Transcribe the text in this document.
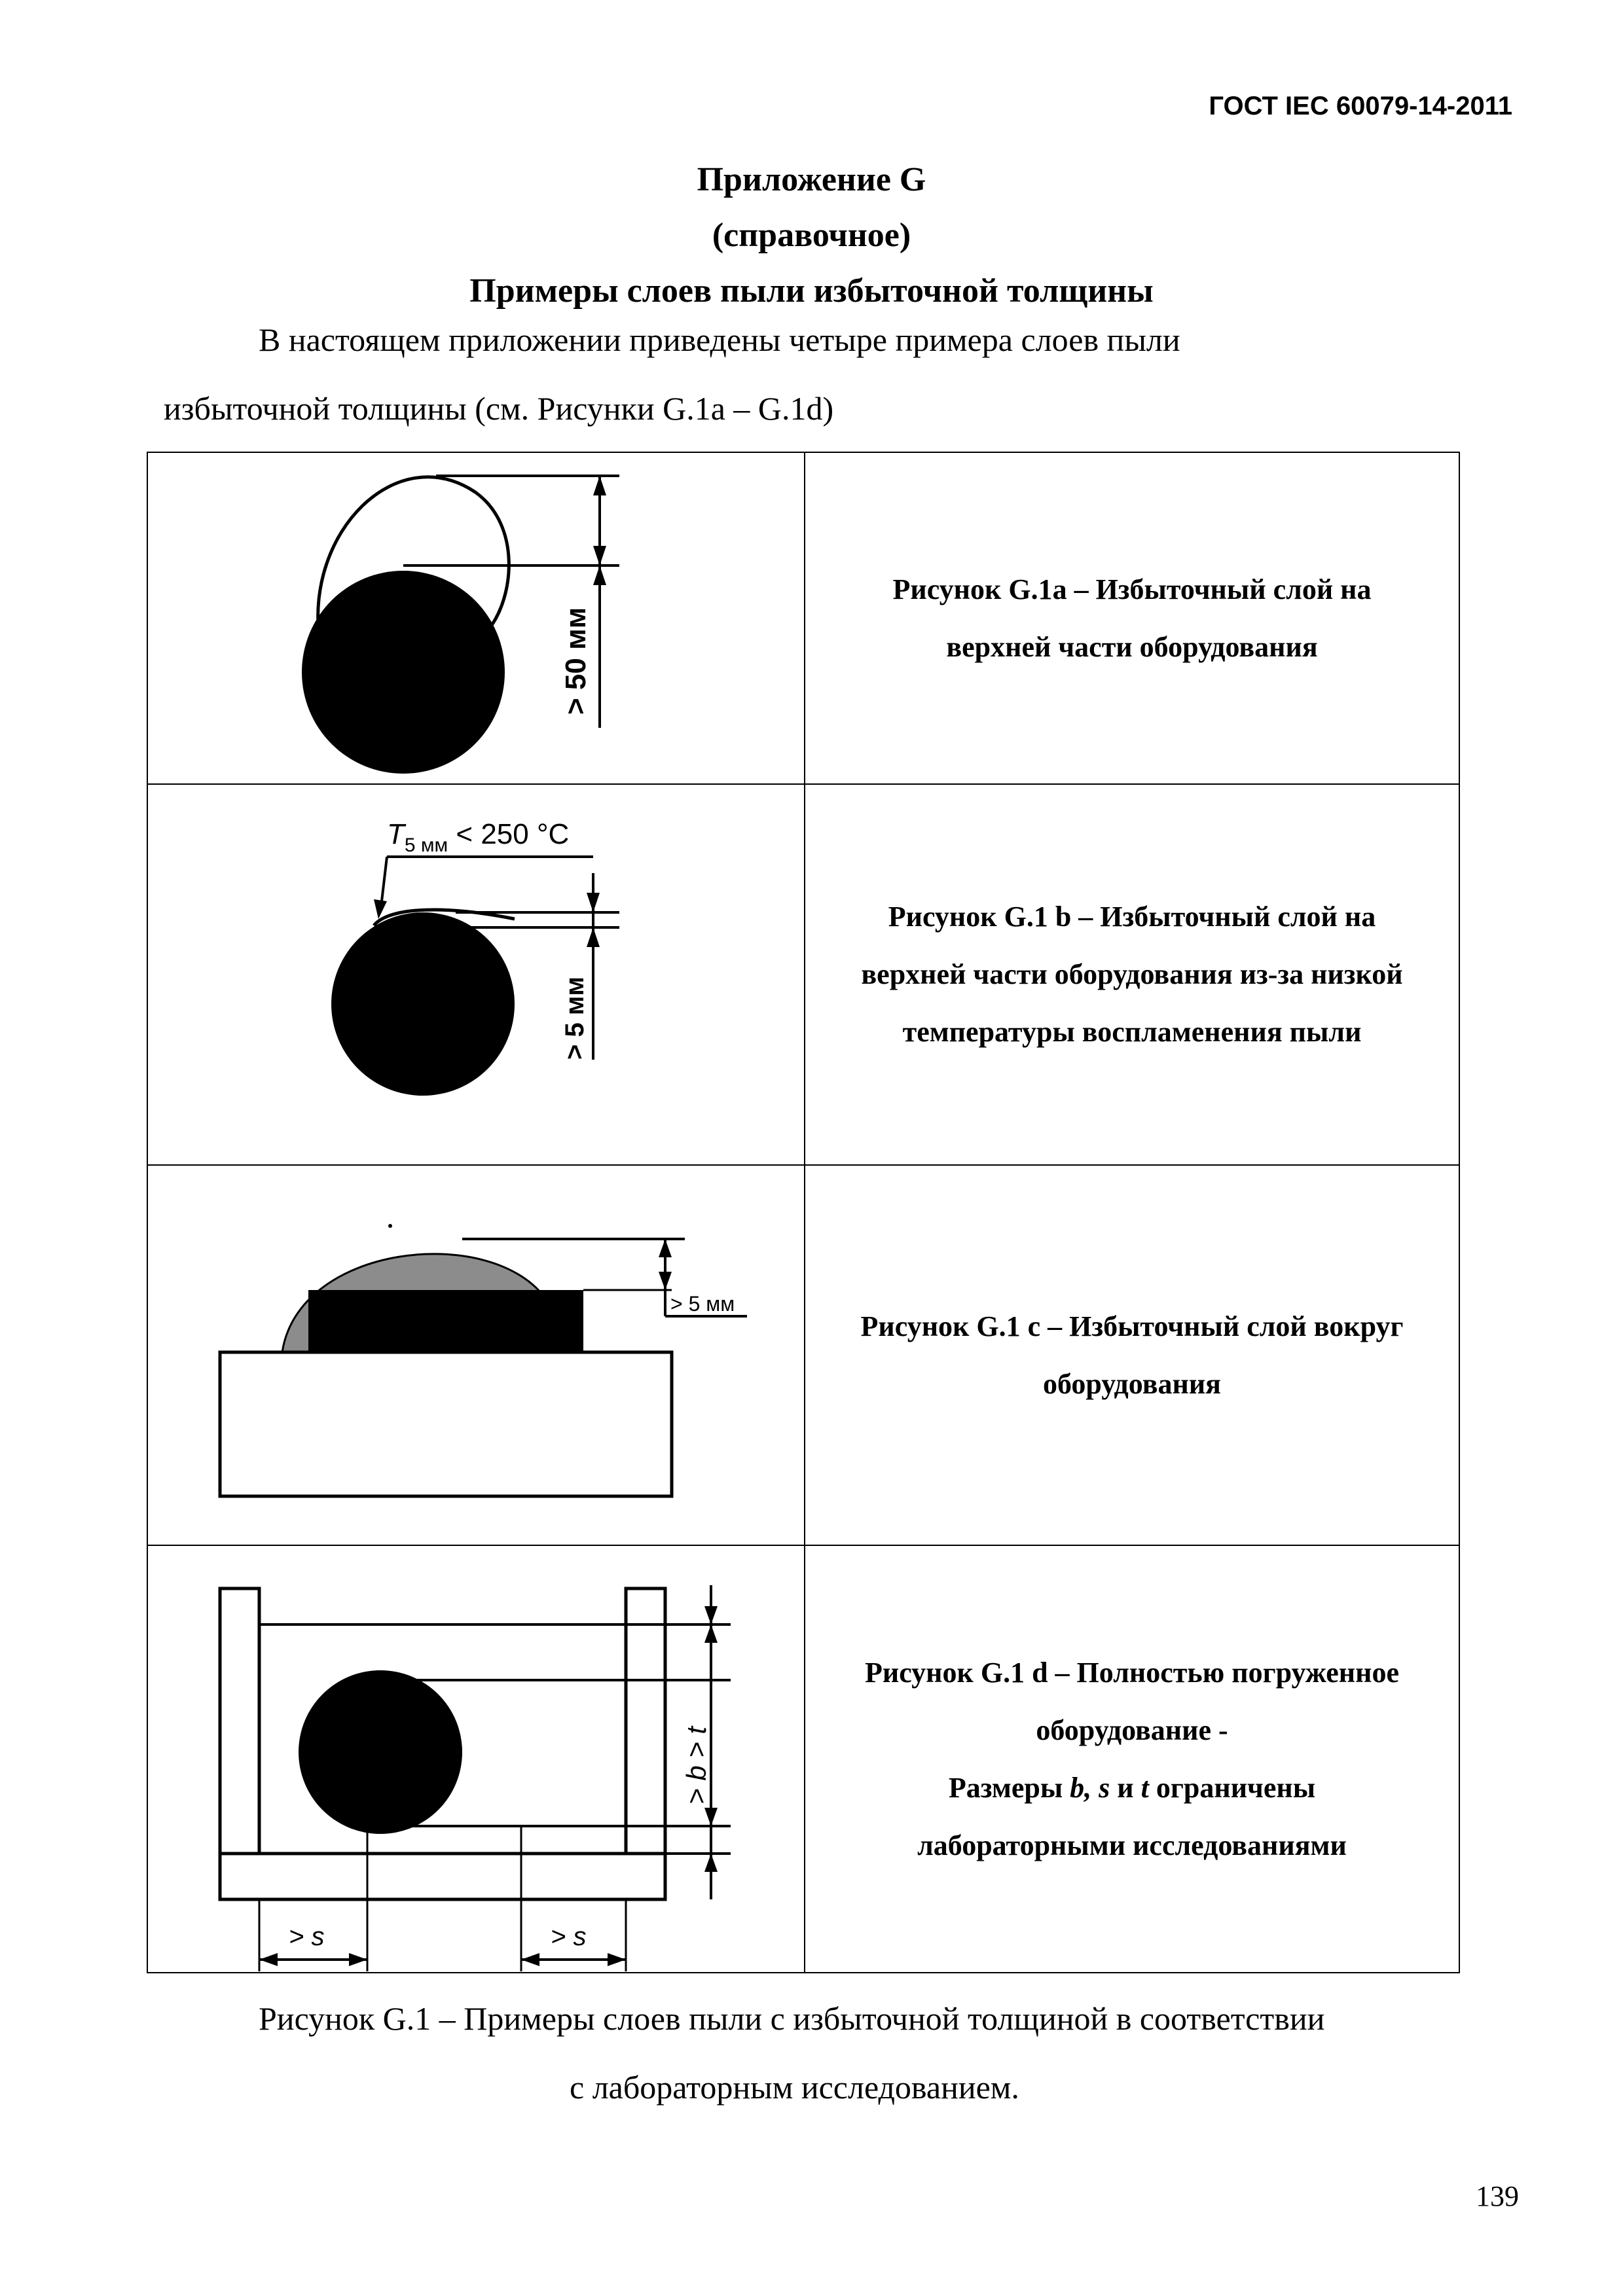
ГОСТ IEC 60079-14-2011
Приложение G
(справочное)
Примеры слоев пыли избыточной толщины
В настоящем приложении приведены четыре примера слоев пыли
избыточной толщины (см. Рисунки G.1a – G.1d)
> 50 мм
Рисунок G.1a – Избыточный слой на
верхней части оборудования
$T_{5 мм} < 250$ °C
> 5 мм
Рисунок G.1 b – Избыточный слой на
верхней части оборудования из-за низкой
температуры воспламенения пыли
> 5 мм
Рисунок G.1 с – Избыточный слой вокруг
оборудования
> b > t
> s	> s
Рисунок G.1 d – Полностью погруженное
оборудование -
Размеры b, s и t ограничены
лабораторными исследованиями
Рисунок G.1 – Примеры слоев пыли с избыточной толщиной в соответствии
с лабораторным исследованием.
139
